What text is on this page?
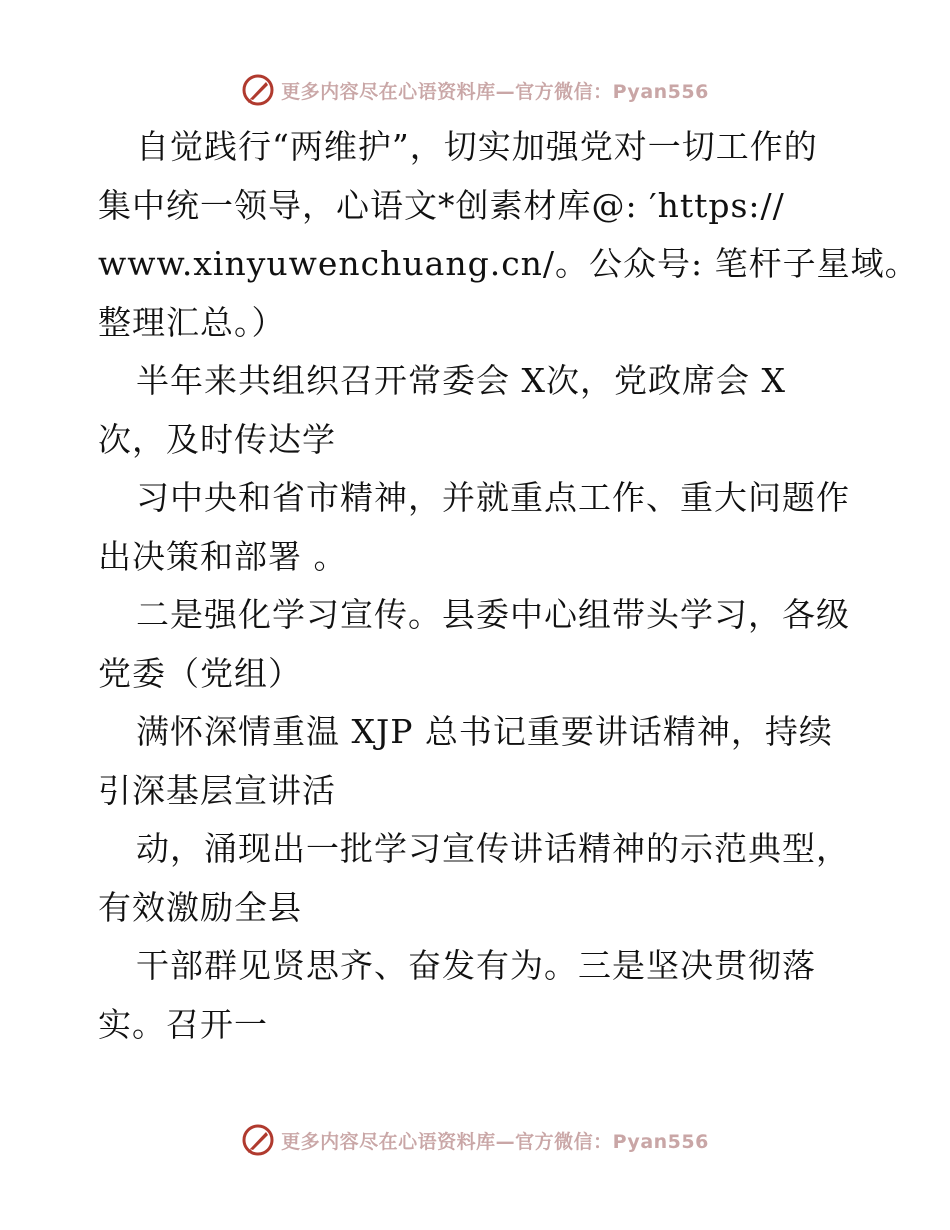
更多内容尽在心语资料库—官方微信：Pyan556
自觉践行“两维护”，切实加强党对一切工作的
集中统一领导，心语文*创素材库@: ′https://
www.xinyuwenchuang.cn/。公众号: 笔杆子星域。
整理汇总。）
半年来共组织召开常委会 X次，党政席会 X
次，及时传达学
习中央和省市精神，并就重点工作、重大问题作
出决策和部署 。
二是强化学习宣传。县委中心组带头学习，各级
党委（党组）
满怀深情重温 XJP 总书记重要讲话精神，持续
引深基层宣讲活
动，涌现出一批学习宣传讲话精神的示范典型，
有效激励全县
干部群见贤思齐、奋发有为。三是坚决贯彻落
实。召开一
更多内容尽在心语资料库—官方微信：Pyan556
